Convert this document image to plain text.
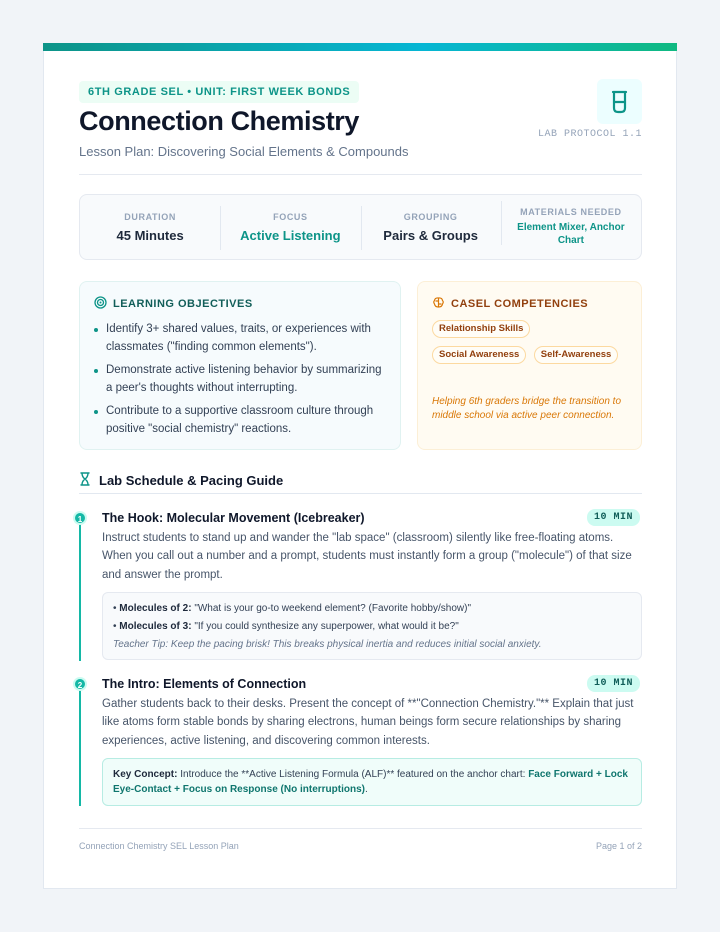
6TH GRADE SEL • UNIT: FIRST WEEK BONDS
Connection Chemistry
Lesson Plan: Discovering Social Elements & Compounds
LAB PROTOCOL 1.1
DURATION
45 Minutes
FOCUS
Active Listening
GROUPING
Pairs & Groups
MATERIALS NEEDED
Element Mixer, Anchor Chart
LEARNING OBJECTIVES
Identify 3+ shared values, traits, or experiences with classmates ("finding common elements").
Demonstrate active listening behavior by summarizing a peer's thoughts without interrupting.
Contribute to a supportive classroom culture through positive "social chemistry" reactions.
CASEL COMPETENCIES
Relationship Skills
Social Awareness Self-Awareness
Helping 6th graders bridge the transition to middle school via active peer connection.
Lab Schedule & Pacing Guide
1	The Hook: Molecular Movement (Icebreaker)	10 MIN
Instruct students to stand up and wander the "lab space" (classroom) silently like free-floating atoms. When you call out a number and a prompt, students must instantly form a group ("molecule") of that size and answer the prompt.
• Molecules of 2: "What is your go-to weekend element? (Favorite hobby/show)"
• Molecules of 3: "If you could synthesize any superpower, what would it be?"
Teacher Tip: Keep the pacing brisk! This breaks physical inertia and reduces initial social anxiety.
2	The Intro: Elements of Connection	10 MIN
Gather students back to their desks. Present the concept of **"Connection Chemistry."** Explain that just like atoms form stable bonds by sharing electrons, human beings form secure relationships by sharing experiences, active listening, and discovering common interests.
Key Concept: Introduce the **Active Listening Formula (ALF)** featured on the anchor chart: Face Forward + Lock Eye-Contact + Focus on Response (No interruptions).
Connection Chemistry SEL Lesson Plan	Page 1 of 2
